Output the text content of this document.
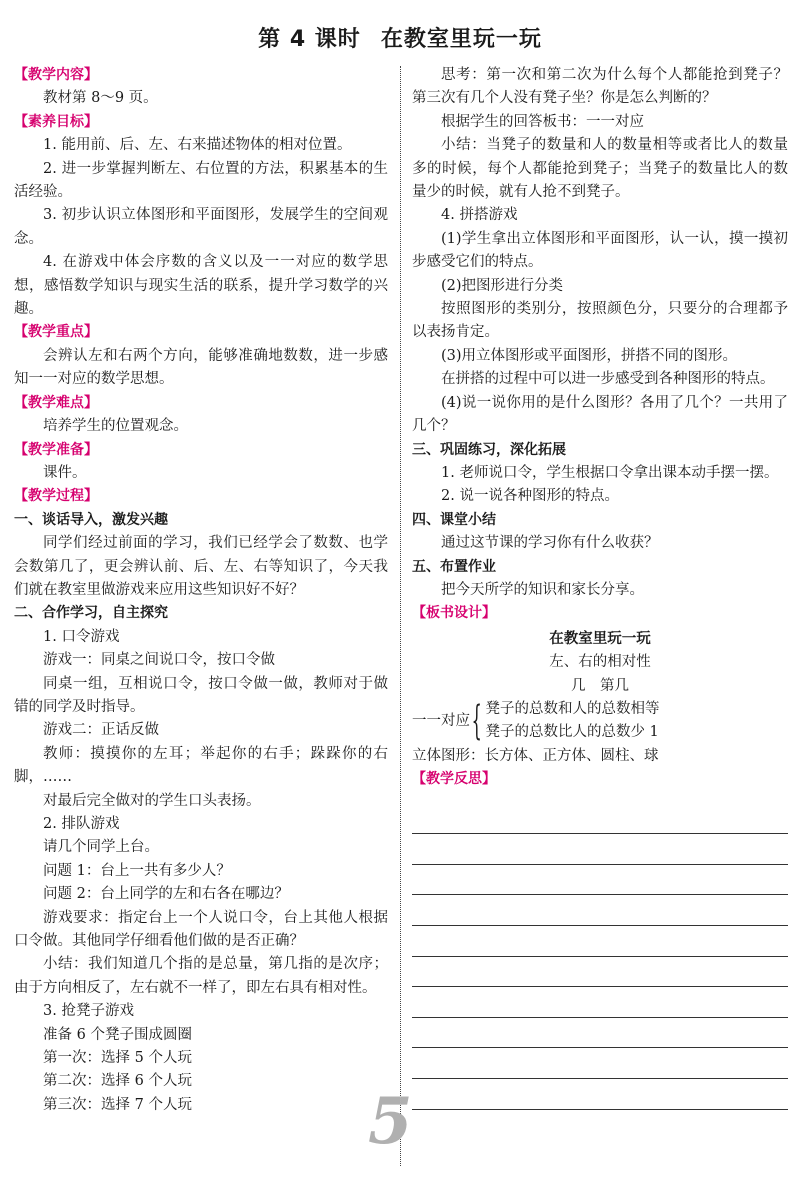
第 4 课时 在教室里玩一玩

【教学内容】

教材第 8～9 页。

【素养目标】

1. 能用前、后、左、右来描述物体的相对位置。

2. 进一步掌握判断左、右位置的方法，积累基本的生活经验。

3. 初步认识立体图形和平面图形，发展学生的空间观念。

4. 在游戏中体会序数的含义以及一一对应的数学思想，感悟数学知识与现实生活的联系，提升学习数学的兴趣。

【教学重点】

会辨认左和右两个方向，能够准确地数数，进一步感知一一对应的数学思想。

【教学难点】

培养学生的位置观念。

【教学准备】

课件。

【教学过程】

一、谈话导入，激发兴趣

同学们经过前面的学习，我们已经学会了数数、也学会数第几了，更会辨认前、后、左、右等知识了，今天我们就在教室里做游戏来应用这些知识好不好？

二、合作学习，自主探究

1. 口令游戏

游戏一：同桌之间说口令，按口令做

同桌一组，互相说口令，按口令做一做，教师对于做错的同学及时指导。

游戏二：正话反做

教师：摸摸你的左耳；举起你的右手；跺跺你的右脚，……

对最后完全做对的学生口头表扬。

2. 排队游戏

请几个同学上台。

问题 1：台上一共有多少人？

问题 2：台上同学的左和右各在哪边？

游戏要求：指定台上一个人说口令，台上其他人根据口令做。其他同学仔细看他们做的是否正确？

小结：我们知道几个指的是总量，第几指的是次序；由于方向相反了，左右就不一样了，即左右具有相对性。

3. 抢凳子游戏

准备 6 个凳子围成圆圈

第一次：选择 5 个人玩

第二次：选择 6 个人玩

第三次：选择 7 个人玩

思考：第一次和第二次为什么每个人都能抢到凳子？第三次有几个人没有凳子坐？你是怎么判断的？

根据学生的回答板书：一一对应

小结：当凳子的数量和人的数量相等或者比人的数量多的时候，每个人都能抢到凳子；当凳子的数量比人的数量少的时候，就有人抢不到凳子。

4. 拼搭游戏

(1)学生拿出立体图形和平面图形，认一认，摸一摸初步感受它们的特点。

(2)把图形进行分类

按照图形的类别分，按照颜色分，只要分的合理都予以表扬肯定。

(3)用立体图形或平面图形，拼搭不同的图形。

在拼搭的过程中可以进一步感受到各种图形的特点。

(4)说一说你用的是什么图形？各用了几个？一共用了几个？

三、巩固练习，深化拓展

1. 老师说口令，学生根据口令拿出课本动手摆一摆。

2. 说一说各种图形的特点。

四、课堂小结

通过这节课的学习你有什么收获？

五、布置作业

把今天所学的知识和家长分享。

【板书设计】

在教室里玩一玩

左、右的相对性

几　第几

一一对应 { 凳子的总数和人的总数相等

凳子的总数比人的总数少 1

立体图形：长方体、正方体、圆柱、球

【教学反思】

5
